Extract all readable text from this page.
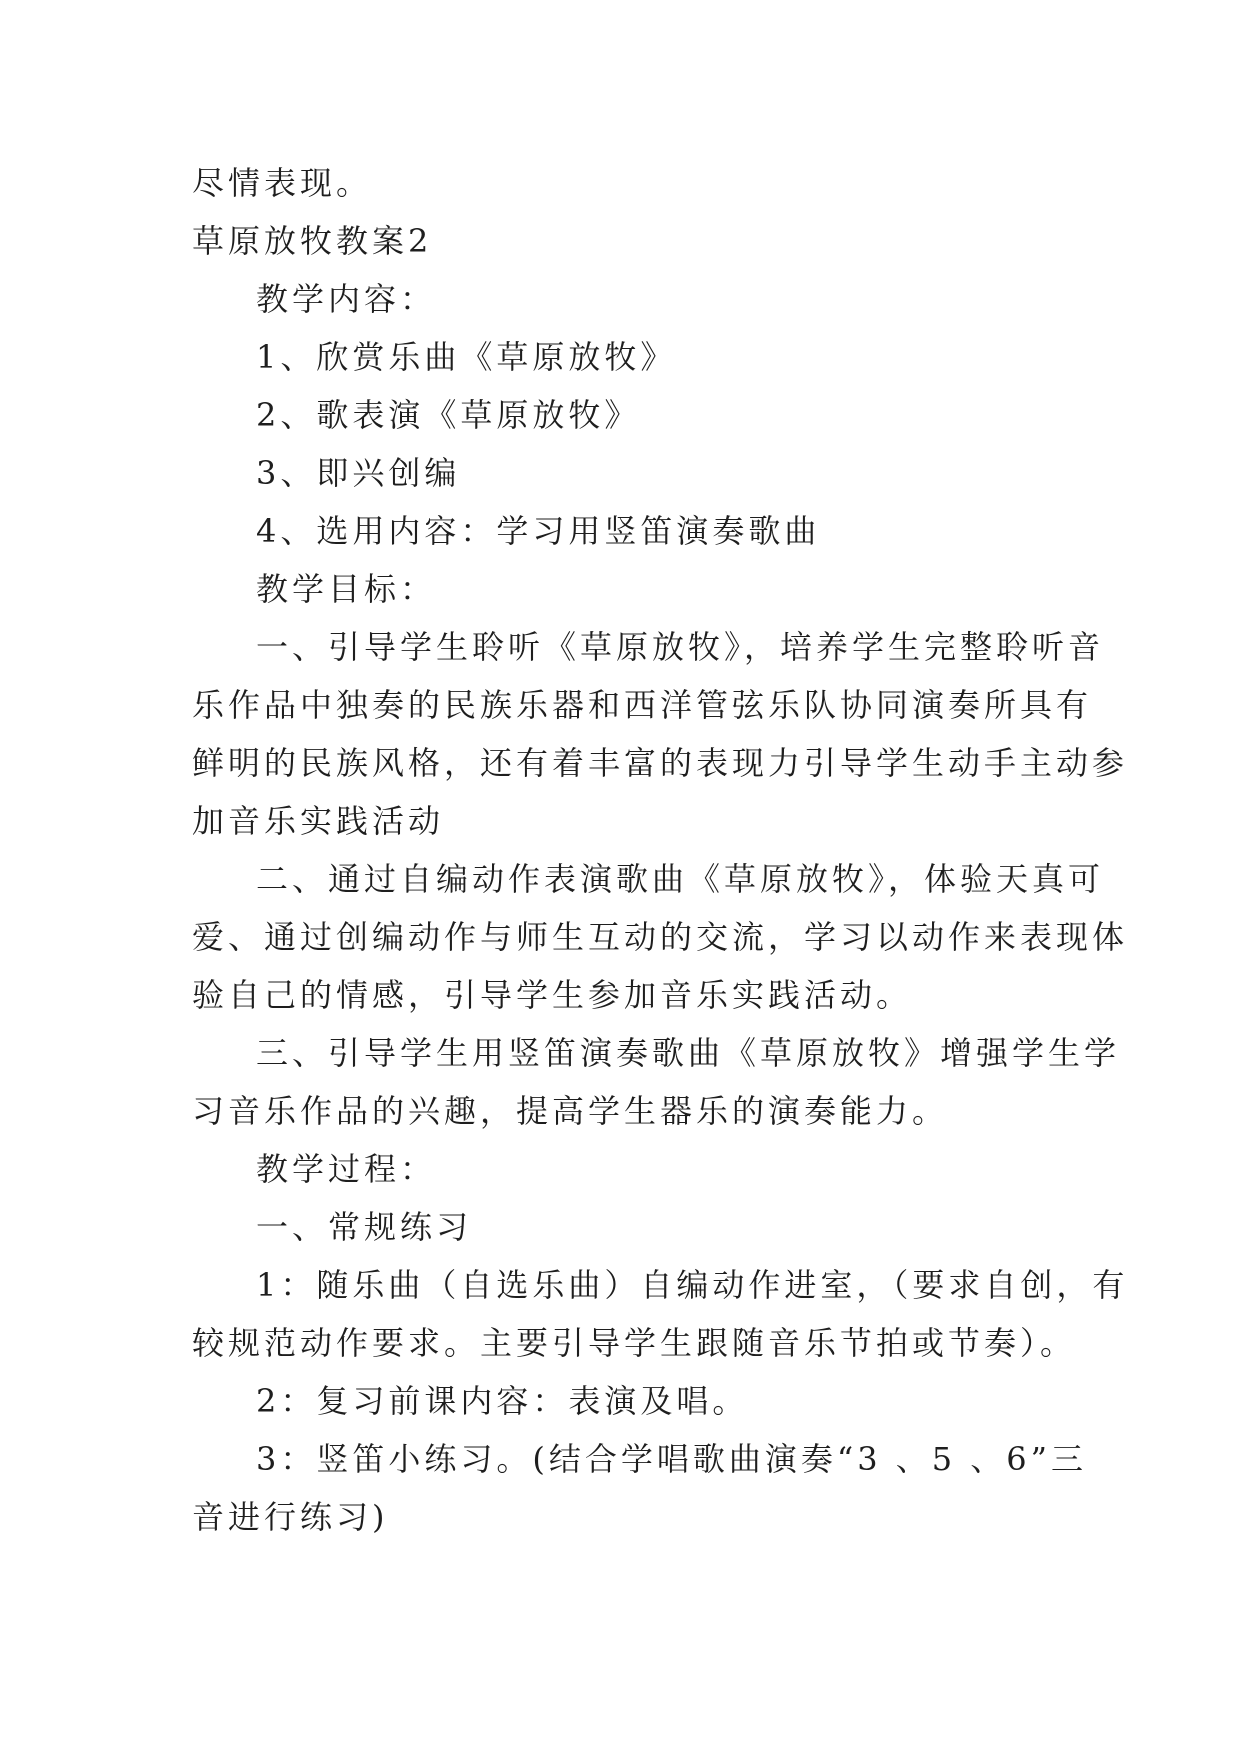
尽情表现。

草原放牧教案2

教学内容：

1、欣赏乐曲《草原放牧》

2、歌表演《草原放牧》

3、即兴创编

4、选用内容：学习用竖笛演奏歌曲

教学目标：

一、引导学生聆听《草原放牧》，培养学生完整聆听音

乐作品中独奏的民族乐器和西洋管弦乐队协同演奏所具有

鲜明的民族风格，还有着丰富的表现力引导学生动手主动参

加音乐实践活动

二、通过自编动作表演歌曲《草原放牧》，体验天真可

爱、通过创编动作与师生互动的交流，学习以动作来表现体

验自己的情感，引导学生参加音乐实践活动。

三、引导学生用竖笛演奏歌曲《草原放牧》增强学生学

习音乐作品的兴趣，提高学生器乐的演奏能力。

教学过程：

一、常规练习

1：随乐曲（自选乐曲）自编动作进室，（要求自创，有

较规范动作要求。主要引导学生跟随音乐节拍或节奏）。

2：复习前课内容：表演及唱。

3：竖笛小练习。(结合学唱歌曲演奏“3 、5 、6”三

音进行练习)
